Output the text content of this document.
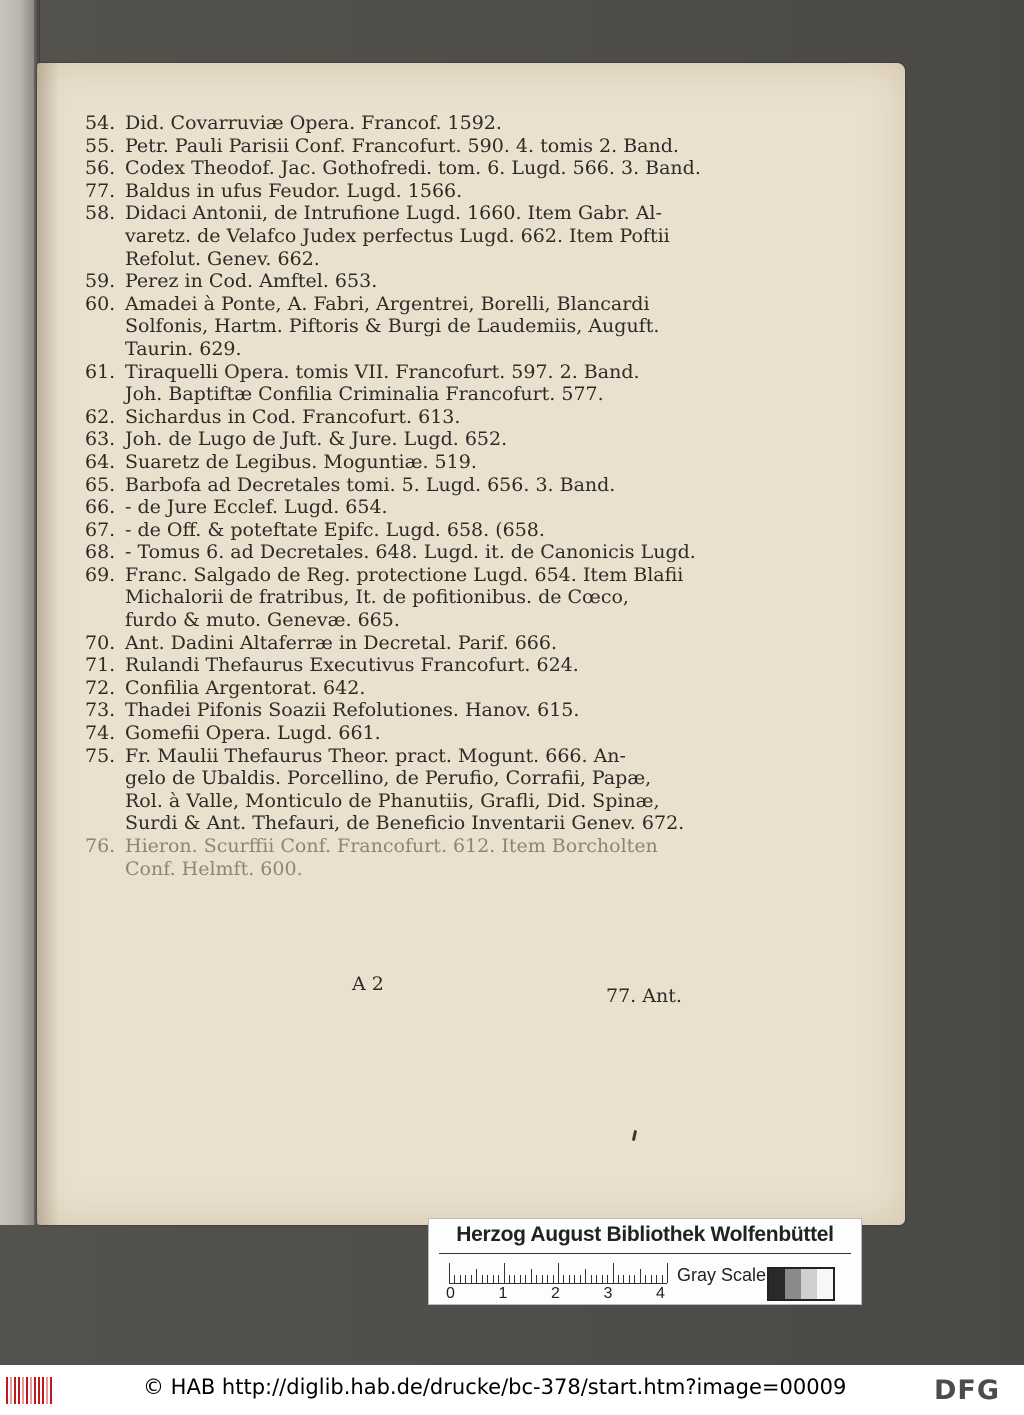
54. Did. Covarruviæ Opera. Francof. 1592.
55. Petr. Pauli Parisii Conf. Francofurt. 590. 4. tomis 2. Band.
56. Codex Theodof. Jac. Gothofredi. tom. 6. Lugd. 566. 3. Band.
77. Baldus in ufus Feudor. Lugd. 1566.
58. Didaci Antonii, de Intrufione Lugd. 1660. Item Gabr. Al-
varetz. de Velafco Judex perfectus Lugd. 662. Item Poftii
Refolut. Genev. 662.
59. Perez in Cod. Amftel. 653.
60. Amadei à Ponte, A. Fabri, Argentrei, Borelli, Blancardi
Solfonis, Hartm. Piftoris & Burgi de Laudemiis, Auguft.
Taurin. 629.
61. Tiraquelli Opera. tomis VII. Francofurt. 597. 2. Band.
Joh. Baptiftæ Confilia Criminalia Francofurt. 577.
62. Sichardus in Cod. Francofurt. 613.
63. Joh. de Lugo de Juft. & Jure. Lugd. 652.
64. Suaretz de Legibus. Moguntiæ. 519.
65. Barbofa ad Decretales tomi. 5. Lugd. 656. 3. Band.
66. - de Jure Ecclef. Lugd. 654.
67. - de Off. & poteftate Epifc. Lugd. 658. (658.
68. - Tomus 6. ad Decretales. 648. Lugd. it. de Canonicis Lugd.
69. Franc. Salgado de Reg. protectione Lugd. 654. Item Blafii
Michalorii de fratribus, It. de pofitionibus. de Cœco,
furdo & muto. Genevæ. 665.
70. Ant. Dadini Altaferræ in Decretal. Parif. 666.
71. Rulandi Thefaurus Executivus Francofurt. 624.
72. Confilia Argentorat. 642.
73. Thadei Pifonis Soazii Refolutiones. Hanov. 615.
74. Gomefii Opera. Lugd. 661.
75. Fr. Maulii Thefaurus Theor. pract. Mogunt. 666. An-
gelo de Ubaldis. Porcellino, de Perufio, Corrafii, Papæ,
Rol. à Valle, Monticulo de Phanutiis, Grafli, Did. Spinæ,
Surdi & Ant. Thefauri, de Beneficio Inventarii Genev. 672.
76. Hieron. Scurffii Conf. Francofurt. 612. Item Borcholten
Conf. Helmft. 600.
A 2
77. Ant.
Herzog August Bibliothek Wolfenbüttel
0	1	2	3	4
Gray Scale
© HAB http://diglib.hab.de/drucke/bc-378/start.htm?image=00009	DFG
